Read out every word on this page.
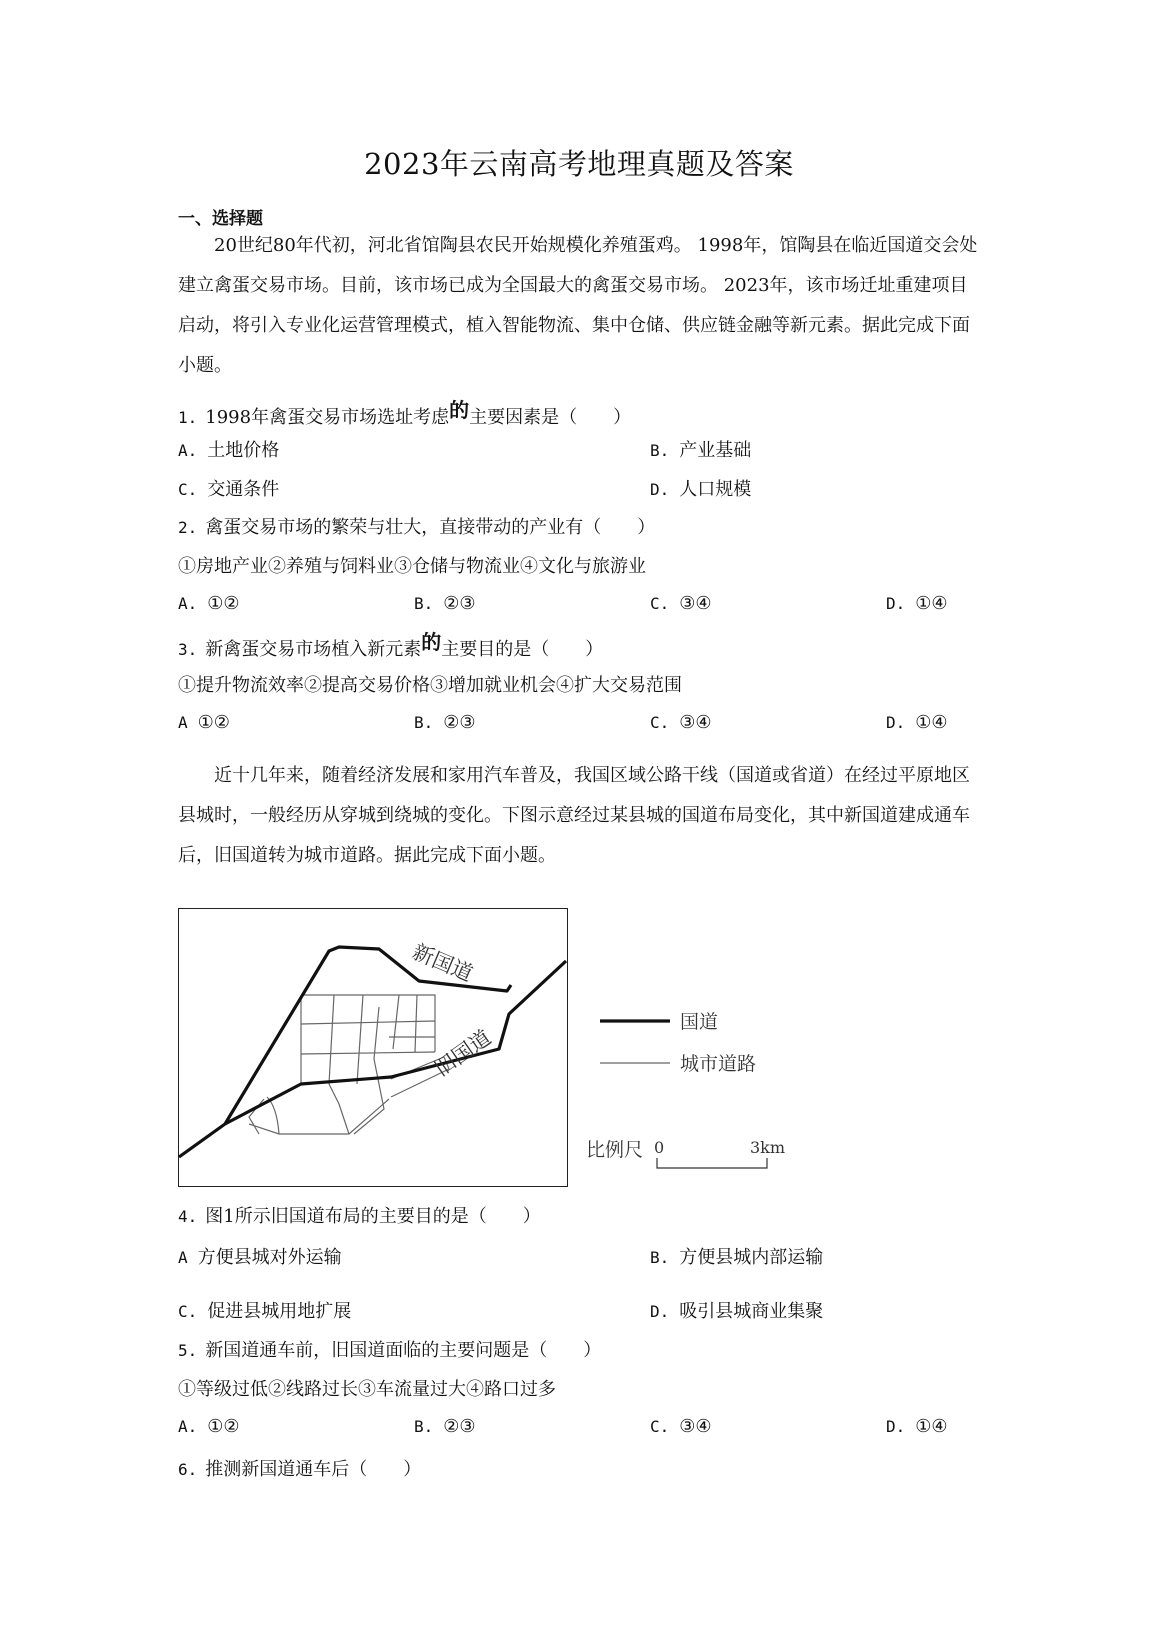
2023年云南高考地理真题及答案
一、选择题

20世纪80年代初，河北省馆陶县农民开始规模化养殖蛋鸡。 1998年，馆陶县在临近国道交会处建立禽蛋交易市场。目前，该市场已成为全国最大的禽蛋交易市场。 2023年，该市场迁址重建项目启动，将引入专业化运营管理模式，植入智能物流、集中仓储、供应链金融等新元素。据此完成下面小题。

1. 1998年禽蛋交易市场选址考虑的主要因素是（　　）
A. 土地价格	B. 产业基础
C. 交通条件	D. 人口规模
2. 禽蛋交易市场的繁荣与壮大，直接带动的产业有（　　）
①房地产业②养殖与饲料业③仓储与物流业④文化与旅游业
A. ①②	B. ②③	C. ③④	D. ①④
3. 新禽蛋交易市场植入新元素的主要目的是（　　）
①提升物流效率②提高交易价格③增加就业机会④扩大交易范围
A ①②	B. ②③	C. ③④	D. ①④

近十几年来，随着经济发展和家用汽车普及，我国区域公路干线（国道或省道）在经过平原地区县城时，一般经历从穿城到绕城的变化。下图示意经过某县城的国道布局变化，其中新国道建成通车后，旧国道转为城市道路。据此完成下面小题。

新国道
旧国道
国道
城市道路
比例尺 0	3km
4. 图1所示旧国道布局的主要目的是（　　）
A 方便县城对外运输	B. 方便县城内部运输
C. 促进县城用地扩展	D. 吸引县城商业集聚
5. 新国道通车前，旧国道面临的主要问题是（　　）
①等级过低②线路过长③车流量过大④路口过多
A. ①②	B. ②③	C. ③④	D. ①④
6. 推测新国道通车后（　　）
